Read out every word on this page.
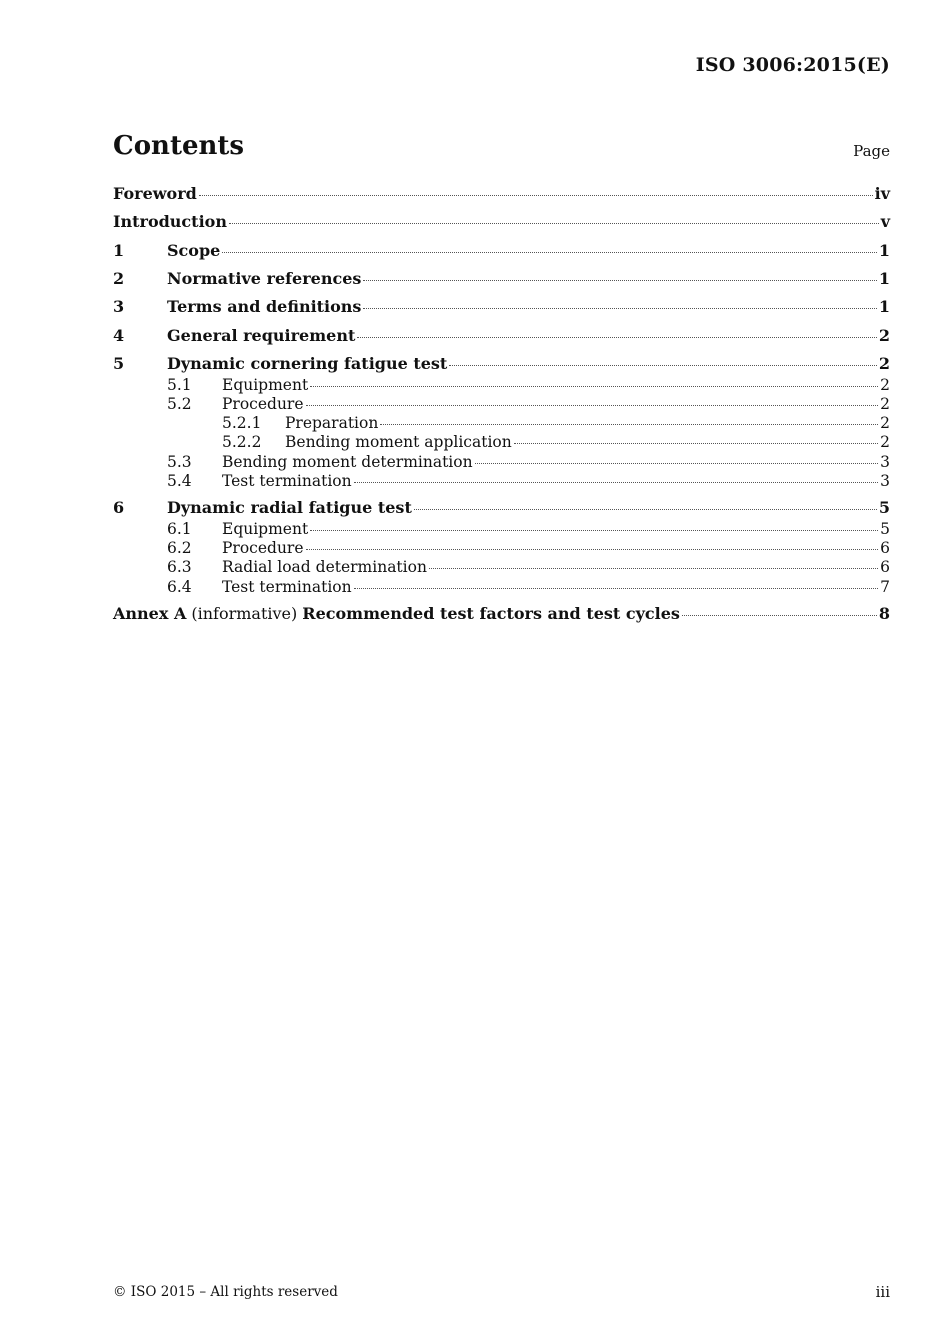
ISO 3006:2015(E)
Contents	Page
Foreword	iv
Introduction	v
1	Scope	1
2	Normative references	1
3	Terms and definitions	1
4	General requirement	2
5	Dynamic cornering fatigue test	2
5.1	Equipment	2
5.2	Procedure	2
5.2.1	Preparation	2
5.2.2	Bending moment application	2
5.3	Bending moment determination	3
5.4	Test termination	3
6	Dynamic radial fatigue test	5
6.1	Equipment	5
6.2	Procedure	6
6.3	Radial load determination	6
6.4	Test termination	7
Annex A (informative) Recommended test factors and test cycles	8
© ISO 2015 – All rights reserved	iii
